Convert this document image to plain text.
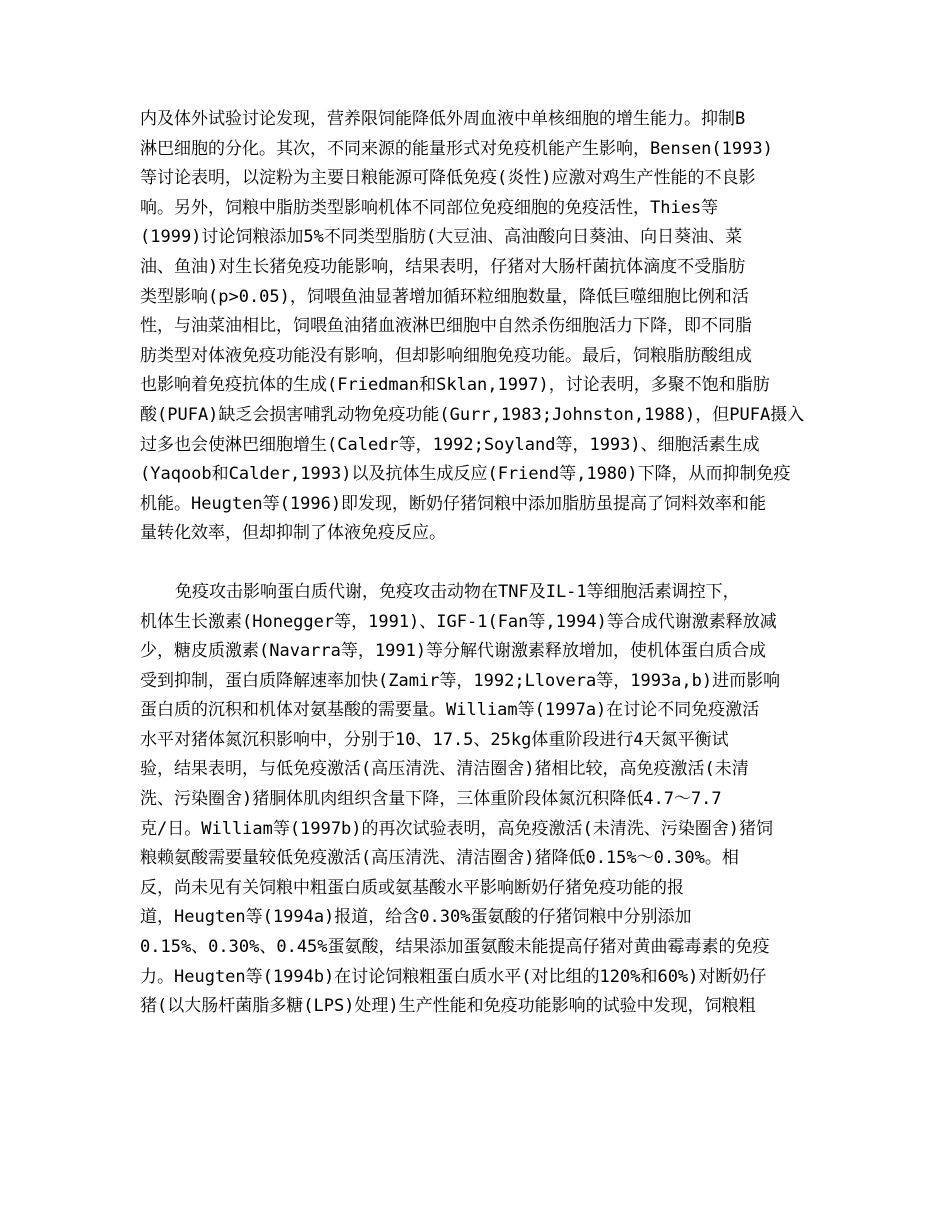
内及体外试验讨论发现，营养限饲能降低外周血液中单核细胞的增生能力。抑制B
淋巴细胞的分化。其次，不同来源的能量形式对免疫机能产生影响，Bensen(1993)
等讨论表明，以淀粉为主要日粮能源可降低免疫(炎性)应激对鸡生产性能的不良影
响。另外，饲粮中脂肪类型影响机体不同部位免疫细胞的免疫活性，Thies等
(1999)讨论饲粮添加5%不同类型脂肪(大豆油、高油酸向日葵油、向日葵油、菜
油、鱼油)对生长猪免疫功能影响，结果表明，仔猪对大肠杆菌抗体滴度不受脂肪
类型影响(p>0.05)，饲喂鱼油显著增加循环粒细胞数量，降低巨噬细胞比例和活
性，与油菜油相比，饲喂鱼油猪血液淋巴细胞中自然杀伤细胞活力下降，即不同脂
肪类型对体液免疫功能没有影响，但却影响细胞免疫功能。最后，饲粮脂肪酸组成
也影响着免疫抗体的生成(Friedman和Sklan,1997)，讨论表明，多聚不饱和脂肪
酸(PUFA)缺乏会损害哺乳动物免疫功能(Gurr,1983;Johnston,1988)，但PUFA摄入
过多也会使淋巴细胞增生(Caledr等，1992;Soyland等，1993)、细胞活素生成
(Yaqoob和Calder,1993)以及抗体生成反应(Friend等,1980)下降，从而抑制免疫
机能。Heugten等(1996)即发现，断奶仔猪饲粮中添加脂肪虽提高了饲料效率和能
量转化效率，但却抑制了体液免疫反应。
免疫攻击影响蛋白质代谢，免疫攻击动物在TNF及IL-1等细胞活素调控下，
机体生长激素(Honegger等，1991)、IGF-1(Fan等,1994)等合成代谢激素释放减
少，糖皮质激素(Navarra等，1991)等分解代谢激素释放增加，使机体蛋白质合成
受到抑制，蛋白质降解速率加快(Zamir等，1992;Llovera等，1993a,b)进而影响
蛋白质的沉积和机体对氨基酸的需要量。William等(1997a)在讨论不同免疫激活
水平对猪体氮沉积影响中，分别于10、17.5、25kg体重阶段进行4天氮平衡试
验，结果表明，与低免疫激活(高压清洗、清洁圈舍)猪相比较，高免疫激活(未清
洗、污染圈舍)猪胴体肌肉组织含量下降，三体重阶段体氮沉积降低4.7～7.7
克/日。William等(1997b)的再次试验表明，高免疫激活(未清洗、污染圈舍)猪饲
粮赖氨酸需要量较低免疫激活(高压清洗、清洁圈舍)猪降低0.15%～0.30%。相
反，尚未见有关饲粮中粗蛋白质或氨基酸水平影响断奶仔猪免疫功能的报
道，Heugten等(1994a)报道，给含0.30%蛋氨酸的仔猪饲粮中分别添加
0.15%、0.30%、0.45%蛋氨酸，结果添加蛋氨酸未能提高仔猪对黄曲霉毒素的免疫
力。Heugten等(1994b)在讨论饲粮粗蛋白质水平(对比组的120%和60%)对断奶仔
猪(以大肠杆菌脂多糖(LPS)处理)生产性能和免疫功能影响的试验中发现，饲粮粗
